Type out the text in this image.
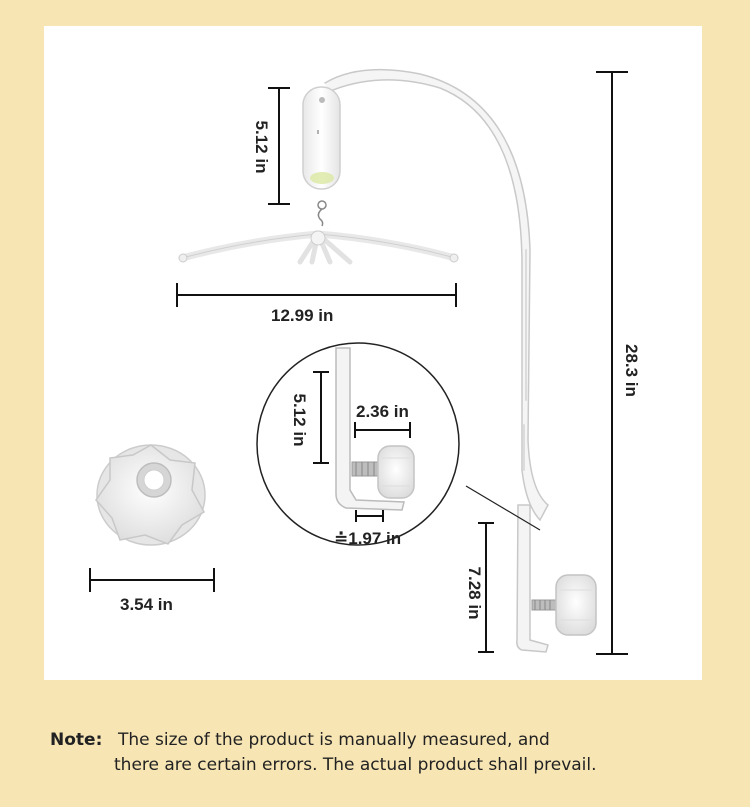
5.12 in
12.99 in
28.3 in
5.12 in	2.36 in
≐1.97 in
7.28 in
3.54 in
Note: The size of the product is manually measured, and
there are certain errors. The actual product shall prevail.
